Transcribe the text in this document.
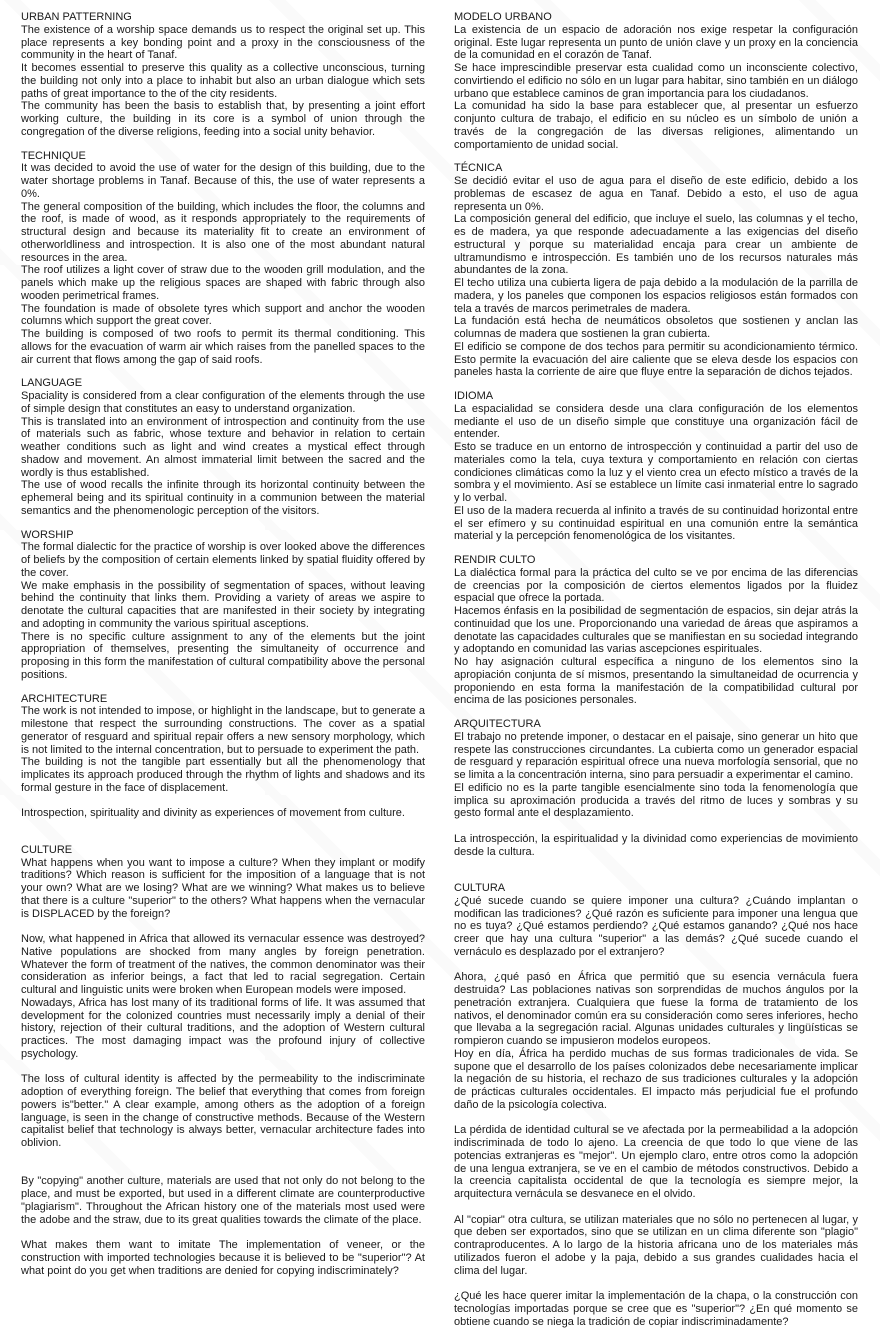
URBAN PATTERNING

The existence of a worship space demands us to respect the original set up. This place represents a key bonding point and a proxy in the consciousness of the community in the heart of Tanaf.

It becomes essential to preserve this quality as a collective unconscious, turning the building not only into a place to inhabit but also an urban dialogue which sets paths of great importance to the of the city residents.

The community has been the basis to establish that, by presenting a joint effort working culture, the building in its core is a symbol of union through the congregation of the diverse religions, feeding into a social unity behavior.

TECHNIQUE

It was decided to avoid the use of water for the design of this building, due to the water shortage problems in Tanaf. Because of this, the use of water represents a 0%.

The general composition of the building, which includes the floor, the columns and the roof, is made of wood, as it responds appropriately to the requirements of structural design and because its materiality fit to create an environment of otherworldliness and introspection. It is also one of the most abundant natural resources in the area.

The roof utilizes a light cover of straw due to the wooden grill modulation, and the panels which make up the religious spaces are shaped with fabric through also wooden perimetrical frames.

The foundation is made of obsolete tyres which support and anchor the wooden columns which support the great cover.

The building is composed of two roofs to permit its thermal conditioning. This allows for the evacuation of warm air which raises from the panelled spaces to the air current that flows among the gap of said roofs.

LANGUAGE

Spaciality is considered from a clear configuration of the elements through the use of simple design that constitutes an easy to understand organization.

This is translated into an environment of introspection and continuity from the use of materials such as fabric, whose texture and behavior in relation to certain weather conditions such as light and wind creates a mystical effect through shadow and movement. An almost immaterial limit between the sacred and the wordly is thus established.

The use of wood recalls the infinite through its horizontal continuity between the ephemeral being and its spiritual continuity in a communion between the material semantics and the phenomenologic perception of the visitors.

WORSHIP

The formal dialectic for the practice of worship is over looked above the differences of beliefs by the composition of certain elements linked by spatial fluidity offered by the cover.

We make emphasis in the possibility of segmentation of spaces, without leaving behind the continuity that links them. Providing a variety of areas we aspire to denotate the cultural capacities that are manifested in their society by integrating and adopting in community the various spiritual asceptions.

There is no specific culture assignment to any of the elements but the joint appropriation of themselves, presenting the simultaneity of occurrence and proposing in this form the manifestation of cultural compatibility above the personal positions.

ARCHITECTURE

The work is not intended to impose, or highlight in the landscape, but to generate a milestone that respect the surrounding constructions. The cover as a spatial generator of resguard and spiritual repair offers a new sensory morphology, which is not limited to the internal concentration, but to persuade to experiment the path.

The building is not the tangible part essentially but all the phenomenology that implicates its approach produced through the rhythm of lights and shadows and its formal gesture in the face of displacement.

Introspection, spirituality and divinity as experiences of movement from culture.

CULTURE

What happens when you want to impose a culture? When they implant or modify traditions? Which reason is sufficient for the imposition of a language that is not your own? What are we losing? What are we winning? What makes us to believe that there is a culture "superior" to the others? What happens when the vernacular is DISPLACED by the foreign?

Now, what happened in Africa that allowed its vernacular essence was destroyed? Native populations are shocked from many angles by foreign penetration. Whatever the form of treatment of the natives, the common denominator was their consideration as inferior beings, a fact that led to racial segregation. Certain cultural and linguistic units were broken when European models were imposed.

Nowadays, Africa has lost many of its traditional forms of life. It was assumed that development for the colonized countries must necessarily imply a denial of their history, rejection of their cultural traditions, and the adoption of Western cultural practices. The most damaging impact was the profound injury of collective psychology.

The loss of cultural identity is affected by the permeability to the indiscriminate adoption of everything foreign. The belief that everything that comes from foreign powers is"better." A clear example, among others as the adoption of a foreign language, is seen in the change of constructive methods. Because of the Western capitalist belief that technology is always better, vernacular architecture fades into oblivion.

By "copying" another culture, materials are used that not only do not belong to the place, and must be exported, but used in a different climate are counterproductive "plagiarism". Throughout the African history one of the materials most used were the adobe and the straw, due to its great qualities towards the climate of the place.

What makes them want to imitate The implementation of veneer, or the construction with imported technologies because it is believed to be "superior"? At what point do you get when traditions are denied for copying indiscriminately?

MODELO URBANO

La existencia de un espacio de adoración nos exige respetar la configuración original. Este lugar representa un punto de unión clave y un proxy en la conciencia de la comunidad en el corazón de Tanaf.

Se hace imprescindible preservar esta cualidad como un inconsciente colectivo, convirtiendo el edificio no sólo en un lugar para habitar, sino también en un diálogo urbano que establece caminos de gran importancia para los ciudadanos.

La comunidad ha sido la base para establecer que, al presentar un esfuerzo conjunto cultura de trabajo, el edificio en su núcleo es un símbolo de unión a través de la congregación de las diversas religiones, alimentando un comportamiento de unidad social.

TÉCNICA

Se decidió evitar el uso de agua para el diseño de este edificio, debido a los problemas de escasez de agua en Tanaf. Debido a esto, el uso de agua representa un 0%.

La composición general del edificio, que incluye el suelo, las columnas y el techo, es de madera, ya que responde adecuadamente a las exigencias del diseño estructural y porque su materialidad encaja para crear un ambiente de ultramundismo e introspección. Es también uno de los recursos naturales más abundantes de la zona.

El techo utiliza una cubierta ligera de paja debido a la modulación de la parrilla de madera, y los paneles que componen los espacios religiosos están formados con tela a través de marcos perimetrales de madera.

La fundación está hecha de neumáticos obsoletos que sostienen y anclan las columnas de madera que sostienen la gran cubierta.

El edificio se compone de dos techos para permitir su acondicionamiento térmico. Esto permite la evacuación del aire caliente que se eleva desde los espacios con paneles hasta la corriente de aire que fluye entre la separación de dichos tejados.

IDIOMA

La espacialidad se considera desde una clara configuración de los elementos mediante el uso de un diseño simple que constituye una organización fácil de entender.

Esto se traduce en un entorno de introspección y continuidad a partir del uso de materiales como la tela, cuya textura y comportamiento en relación con ciertas condiciones climáticas como la luz y el viento crea un efecto místico a través de la sombra y el movimiento. Así se establece un límite casi inmaterial entre lo sagrado y lo verbal.

El uso de la madera recuerda al infinito a través de su continuidad horizontal entre el ser efímero y su continuidad espiritual en una comunión entre la semántica material y la percepción fenomenológica de los visitantes.

RENDIR CULTO

La dialéctica formal para la práctica del culto se ve por encima de las diferencias de creencias por la composición de ciertos elementos ligados por la fluidez espacial que ofrece la portada.

Hacemos énfasis en la posibilidad de segmentación de espacios, sin dejar atrás la continuidad que los une. Proporcionando una variedad de áreas que aspiramos a denotate las capacidades culturales que se manifiestan en su sociedad integrando y adoptando en comunidad las varias ascepciones espirituales.

No hay asignación cultural específica a ninguno de los elementos sino la apropiación conjunta de sí mismos, presentando la simultaneidad de ocurrencia y proponiendo en esta forma la manifestación de la compatibilidad cultural por encima de las posiciones personales.

ARQUITECTURA

El trabajo no pretende imponer, o destacar en el paisaje, sino generar un hito que respete las construcciones circundantes. La cubierta como un generador espacial de resguard y reparación espiritual ofrece una nueva morfología sensorial, que no se limita a la concentración interna, sino para persuadir a experimentar el camino.

El edificio no es la parte tangible esencialmente sino toda la fenomenología que implica su aproximación producida a través del ritmo de luces y sombras y su gesto formal ante el desplazamiento.

La introspección, la espiritualidad y la divinidad como experiencias de movimiento desde la cultura.

CULTURA

¿Qué sucede cuando se quiere imponer una cultura? ¿Cuándo implantan o modifican las tradiciones? ¿Qué razón es suficiente para imponer una lengua que no es tuya? ¿Qué estamos perdiendo? ¿Qué estamos ganando? ¿Qué nos hace creer que hay una cultura "superior" a las demás? ¿Qué sucede cuando el vernáculo es desplazado por el extranjero?

Ahora, ¿qué pasó en África que permitió que su esencia vernácula fuera destruida? Las poblaciones nativas son sorprendidas de muchos ángulos por la penetración extranjera. Cualquiera que fuese la forma de tratamiento de los nativos, el denominador común era su consideración como seres inferiores, hecho que llevaba a la segregación racial. Algunas unidades culturales y lingüísticas se rompieron cuando se impusieron modelos europeos.

Hoy en día, África ha perdido muchas de sus formas tradicionales de vida. Se supone que el desarrollo de los países colonizados debe necesariamente implicar la negación de su historia, el rechazo de sus tradiciones culturales y la adopción de prácticas culturales occidentales. El impacto más perjudicial fue el profundo daño de la psicología colectiva.

La pérdida de identidad cultural se ve afectada por la permeabilidad a la adopción indiscriminada de todo lo ajeno. La creencia de que todo lo que viene de las potencias extranjeras es "mejor". Un ejemplo claro, entre otros como la adopción de una lengua extranjera, se ve en el cambio de métodos constructivos. Debido a la creencia capitalista occidental de que la tecnología es siempre mejor, la arquitectura vernácula se desvanece en el olvido.

Al "copiar" otra cultura, se utilizan materiales que no sólo no pertenecen al lugar, y que deben ser exportados, sino que se utilizan en un clima diferente son "plagio" contraproducentes. A lo largo de la historia africana uno de los materiales más utilizados fueron el adobe y la paja, debido a sus grandes cualidades hacia el clima del lugar.

¿Qué les hace querer imitar la implementación de la chapa, o la construcción con tecnologías importadas porque se cree que es "superior"? ¿En qué momento se obtiene cuando se niega la tradición de copiar indiscriminadamente?
